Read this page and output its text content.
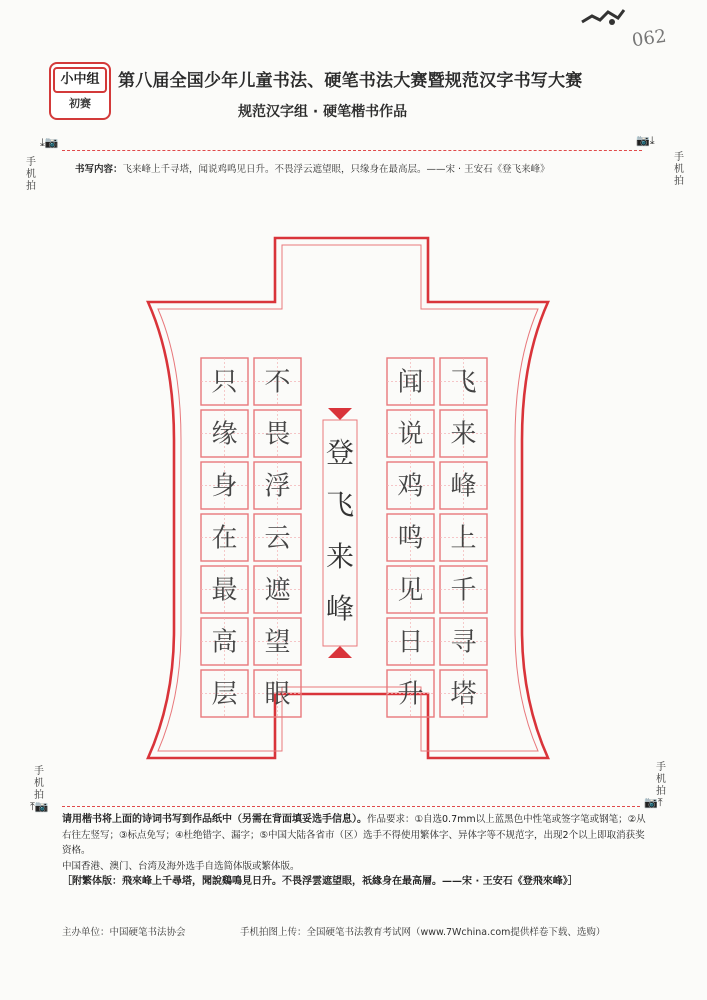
小中组
初赛
第八届全国少年儿童书法、硬笔书法大赛暨规范汉字书写大赛
规范汉字组 · 硬笔楷书作品
062
⤓📷
手机拍
📷⤓
手机拍
书写内容：飞来峰上千寻塔，闻说鸡鸣见日升。不畏浮云遮望眼，只缘身在最高层。——宋 · 王安石《登飞来峰》
飞
来
峰
上
千
寻
塔
闻
说
鸡
鸣
见
日
升
不
畏
浮
云
遮
望
眼
只
缘
身
在
最
高
层
登
飞
来
峰
手机拍
⤒📷
手机拍
📷⤒
请用楷书将上面的诗词书写到作品纸中（另需在背面填妥选手信息）。作品要求：①自选0.7mm以上蓝黑色中性笔或签字笔或钢笔；②从右往左竖写；③标点免写；④杜绝错字、漏字；⑤中国大陆各省市（区）选手不得使用繁体字、异体字等不规范字，出现2个以上即取消获奖资格。
中国香港、澳门、台湾及海外选手自选简体版或繁体版。
［附繁体版：飛來峰上千尋塔，聞說鷄鳴見日升。不畏浮雲遮望眼，祇緣身在最高層。——宋 · 王安石《登飛來峰》］
主办单位：中国硬笔书法协会	手机拍图上传：全国硬笔书法教育考试网（www.7Wchina.com提供样卷下载、选购）
